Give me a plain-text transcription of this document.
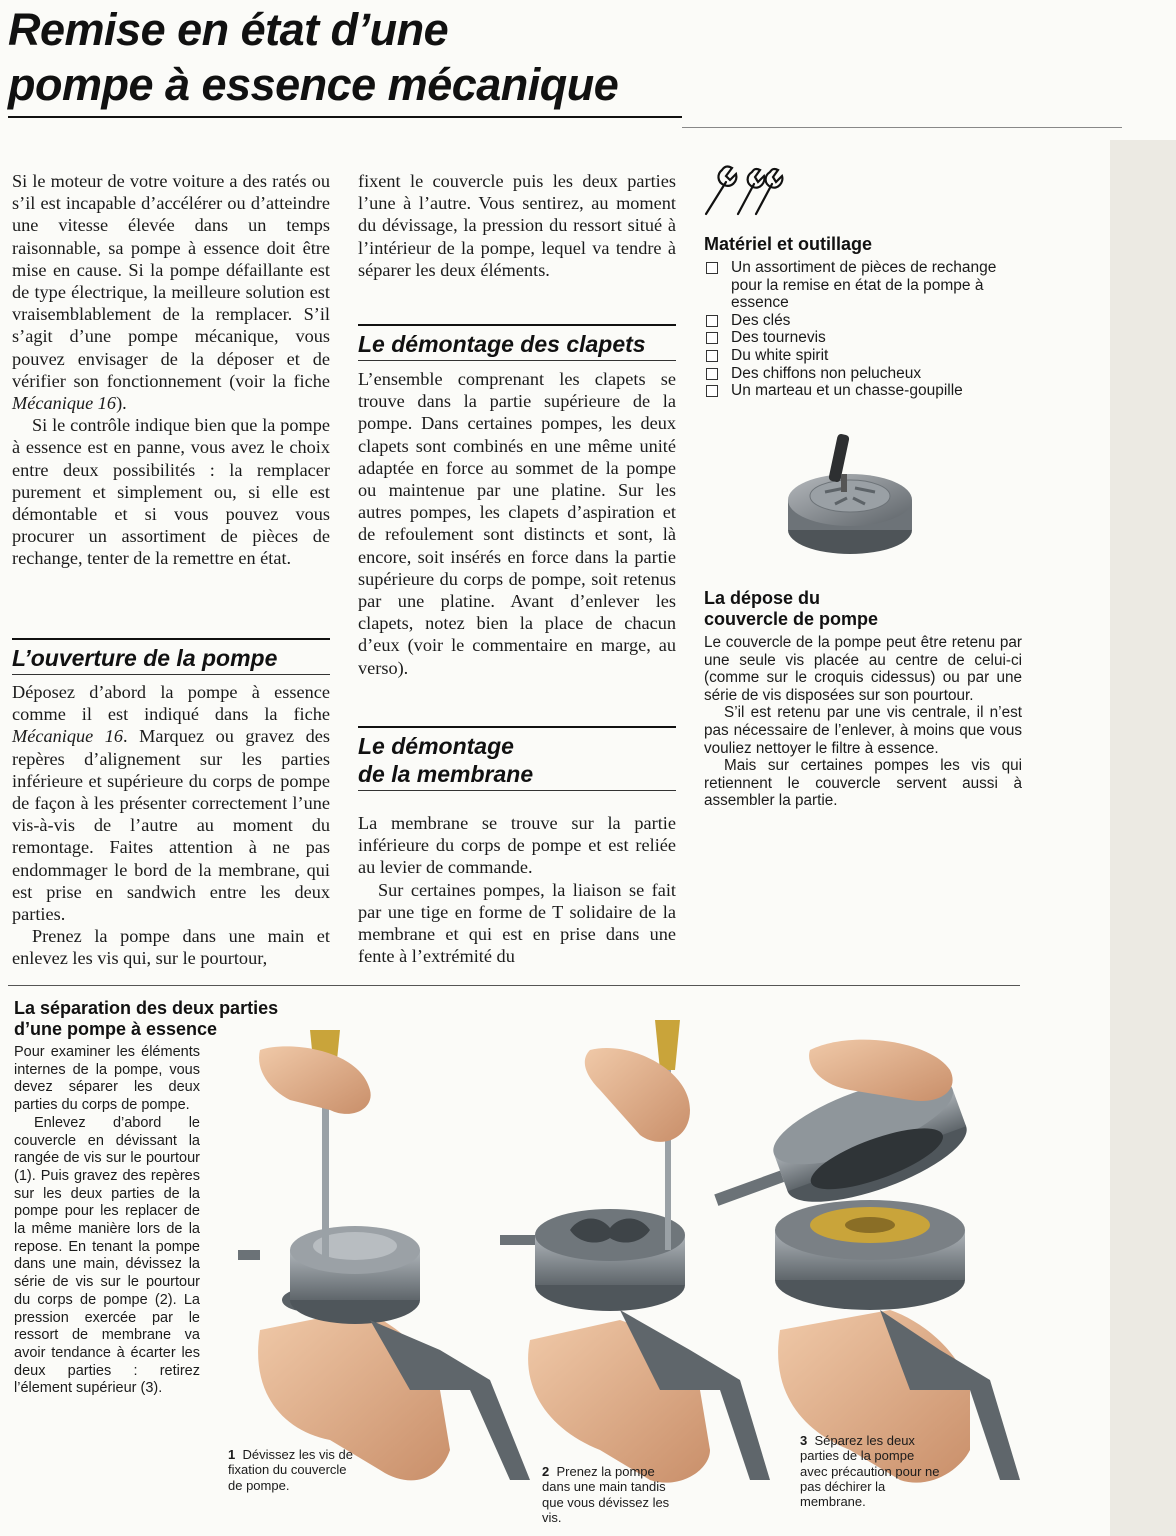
Remise en état d’une
pompe à essence mécanique

Si le moteur de votre voiture a des ratés ou s’il est incapable d’accélérer ou d’atteindre une vitesse élevée dans un temps raisonnable, sa pompe à essence doit être mise en cause. Si la pompe défaillante est de type électrique, la meilleure solution est vraisemblablement de la remplacer. S’il s’agit d’une pompe mécanique, vous pouvez envisager de la déposer et de vérifier son fonctionnement (voir la fiche Mécanique 16).

Si le contrôle indique bien que la pompe à essence est en panne, vous avez le choix entre deux possibilités : la remplacer purement et simplement ou, si elle est démontable et si vous pouvez vous procurer un assortiment de pièces de rechange, tenter de la remettre en état.

L’ouverture de la pompe

Déposez d’abord la pompe à essence comme il est indiqué dans la fiche Mécanique 16. Marquez ou gravez des repères d’alignement sur les parties inférieure et supérieure du corps de pompe de façon à les présenter correctement l’une vis-à-vis de l’autre au moment du remontage. Faites attention à ne pas endommager le bord de la membrane, qui est prise en sandwich entre les deux parties.

Prenez la pompe dans une main et enlevez les vis qui, sur le pourtour,

fixent le couvercle puis les deux parties l’une à l’autre. Vous sentirez, au moment du dévissage, la pression du ressort situé à l’intérieur de la pompe, lequel va tendre à séparer les deux éléments.

Le démontage des clapets

L’ensemble comprenant les clapets se trouve dans la partie supérieure de la pompe. Dans certaines pompes, les deux clapets sont combinés en une même unité adaptée en force au sommet de la pompe ou maintenue par une platine. Sur les autres pompes, les clapets d’aspiration et de refoulement sont distincts et sont, là encore, soit insérés en force dans la partie supérieure du corps de pompe, soit retenus par une platine. Avant d’enlever les clapets, notez bien la place de chacun d’eux (voir le commentaire en marge, au verso).

Le démontage
de la membrane

La membrane se trouve sur la partie inférieure du corps de pompe et est reliée au levier de commande.

Sur certaines pompes, la liaison se fait par une tige en forme de T solidaire de la membrane et qui est en prise dans une fente à l’extrémité du

Matériel et outillage
Un assortiment de pièces de rechange pour la remise en état de la pompe à essence
Des clés
Des tournevis
Du white spirit
Des chiffons non pelucheux
Un marteau et un chasse-goupille
La dépose du
couvercle de pompe

Le couvercle de la pompe peut être retenu par une seule vis placée au centre de celui-ci (comme sur le croquis cidessus) ou par une série de vis disposées sur son pourtour.

S’il est retenu par une vis centrale, il n’est pas nécessaire de l’enlever, à moins que vous vouliez nettoyer le filtre à essence.

Mais sur certaines pompes les vis qui retiennent le couvercle servent aussi à assembler la partie.

La séparation des deux parties
d’une pompe à essence

Pour examiner les éléments internes de la pompe, vous devez séparer les deux parties du corps de pompe.

Enlevez d’abord le couvercle en dévissant la rangée de vis sur le pourtour (1). Puis gravez des repères sur les deux parties de la pompe pour les replacer de la même manière lors de la repose. En tenant la pompe dans une main, dévissez la série de vis sur le pourtour du corps de pompe (2). La pression exercée par le ressort de membrane va avoir tendance à écarter les deux parties : retirez l’élement supérieur (3).

1 Dévissez les vis de fixation du couvercle de pompe.
2 Prenez la pompe dans une main tandis que vous dévissez les vis.
3 Séparez les deux parties de la pompe avec précaution pour ne pas déchirer la membrane.
